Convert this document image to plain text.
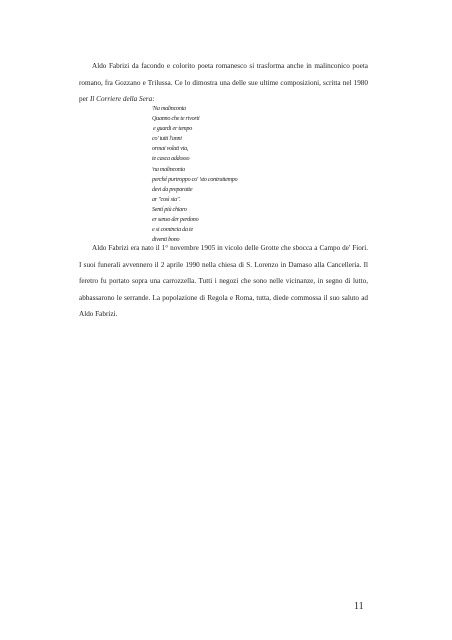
Aldo Fabrizi da facondo e colorito poeta romanesco si trasforma anche in malinconico poeta romano, fra Gozzano e Trilussa. Ce lo dimostra una delle sue ultime composizioni, scritta nel 1980 per Il Corriere della Sera:

'Na malinconia
Quanno che te rivorti
e guardi er tempo
co' tutti l'anni
ormai volati via,
te casca addosso
'na malinconia
perché purtroppo co' 'sto contrattempo
devi da preparatte
ar "così sia".
Sentí più chiaro
er senso der perdono
e si comincia da te
diventi bono

Aldo Fabrizi era nato il 1° novembre 1905 in vicolo delle Grotte che sbocca a Campo de' Fiori. I suoi funerali avvennero il 2 aprile 1990 nella chiesa di S. Lorenzo in Damaso alla Cancelleria. Il feretro fu portato sopra una carrozzella. Tutti i negozi che sono nelle vicinanze, in segno di lutto, abbassarono le serrande. La popolazione di Regola e Roma, tutta, diede commossa il suo saluto ad Aldo Fabrizi.

11
